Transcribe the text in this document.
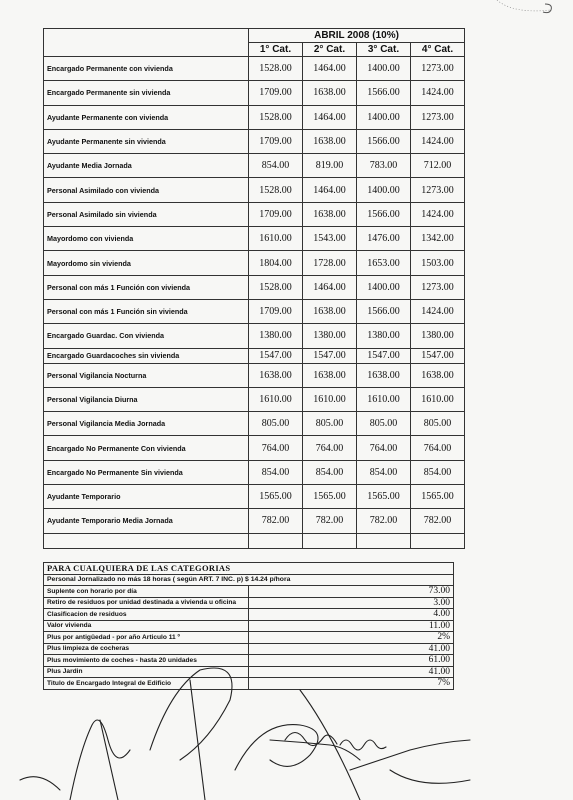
	ABRIL 2008 (10%)			
	1° Cat.	2° Cat.	3° Cat.	4° Cat.
Encargado Permanente con vivienda	1528.00	1464.00	1400.00	1273.00
Encargado Permanente sin vivienda	1709.00	1638.00	1566.00	1424.00
Ayudante Permanente con vivienda	1528.00	1464.00	1400.00	1273.00
Ayudante Permanente sin vivienda	1709.00	1638.00	1566.00	1424.00
Ayudante Media Jornada	854.00	819.00	783.00	712.00
Personal Asimilado con vivienda	1528.00	1464.00	1400.00	1273.00
Personal Asimilado sin vivienda	1709.00	1638.00	1566.00	1424.00
Mayordomo con vivienda	1610.00	1543.00	1476.00	1342.00
Mayordomo sin vivienda	1804.00	1728.00	1653.00	1503.00
Personal con más 1 Función con vivienda	1528.00	1464.00	1400.00	1273.00
Personal con más 1 Función sin vivienda	1709.00	1638.00	1566.00	1424.00
Encargado Guardac. Con vivienda	1380.00	1380.00	1380.00	1380.00
Encargado Guardacoches sin vivienda	1547.00	1547.00	1547.00	1547.00
Personal Vigilancia Nocturna	1638.00	1638.00	1638.00	1638.00
Personal Vigilancia Diurna	1610.00	1610.00	1610.00	1610.00
Personal Vigilancia Media Jornada	805.00	805.00	805.00	805.00
Encargado No Permanente Con vivienda	764.00	764.00	764.00	764.00
Encargado No Permanente Sin vivienda	854.00	854.00	854.00	854.00
Ayudante Temporario	1565.00	1565.00	1565.00	1565.00
Ayudante Temporario Media Jornada	782.00	782.00	782.00	782.00

PARA CUALQUIERA DE LAS CATEGORIAS	
Personal Jornalizado no más 18 horas ( según ART. 7 INC. p) $ 14.24 p/hora	
Suplente con horario por día	73.00
Retiro de residuos por unidad destinada a vivienda u oficina	3.00
Clasificacion de residuos	4.00
Valor vivienda	11.00
Plus por antigüedad - por año Articulo 11 º	2%
Plus limpieza de cocheras	41.00
Plus movimiento de coches - hasta 20 unidades	61.00
Plus Jardin	41.00
Titulo de Encargado Integral de Edificio	7%
